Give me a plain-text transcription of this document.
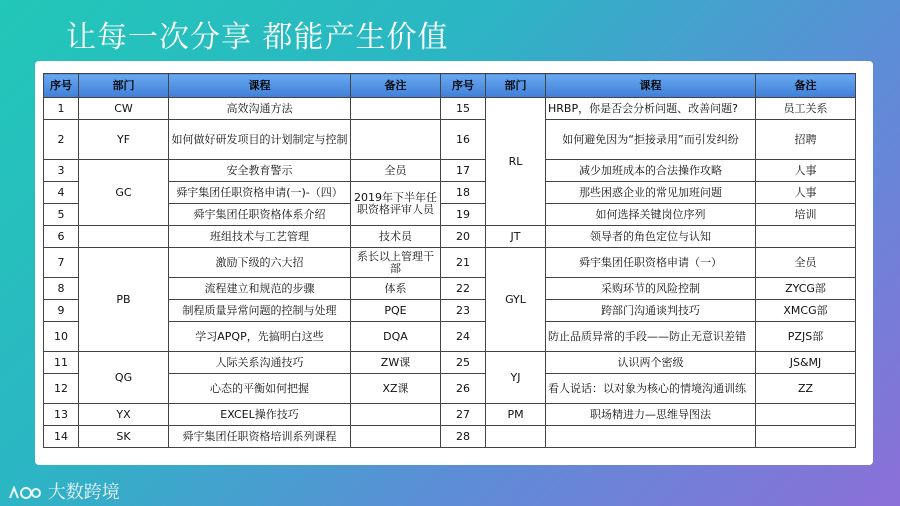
让每一次分享 都能产生价值
序号	部门	课程	备注	序号	部门	课程	备注
1	CW	高效沟通方法		15	RL	HRBP，你是否会分析问题、改善问题?	员工关系
2	YF	如何做好研发项目的计划制定与控制		16		如何避免因为“拒接录用”而引发纠纷	招聘
3	GC	安全教育警示	全员	17		减少加班成本的合法操作攻略	人事
4		舜宇集团任职资格申请(一)-（四）	2019年下半年任职资格评审人员	18		那些困惑企业的常见加班问题	人事
5		舜宇集团任职资格体系介绍		19		如何选择关键岗位序列	培训
6		班组技术与工艺管理	技术员	20	JT	领导者的角色定位与认知	
7	PB	激励下级的六大招	系长以上管理干部	21	GYL	舜宇集团任职资格申请（一）	全员
8		流程建立和规范的步骤	体系	22		采购环节的风险控制	ZYCG部
9		制程质量异常问题的控制与处理	PQE	23		跨部门沟通谈判技巧	XMCG部
10		学习APQP，先搞明白这些	DQA	24		防止品质异常的手段——防止无意识差错	PZJS部
11	QG	人际关系沟通技巧	ZW课	25	YJ	认识两个密级	JS&MJ
12		心态的平衡如何把握	XZ课	26		看人说话：以对象为核心的情境沟通训练	ZZ
13	YX	EXCEL操作技巧		27	PM	职场精进力—思维导图法	
14	SK	舜宇集团任职资格培训系列课程		28			
大数跨境
